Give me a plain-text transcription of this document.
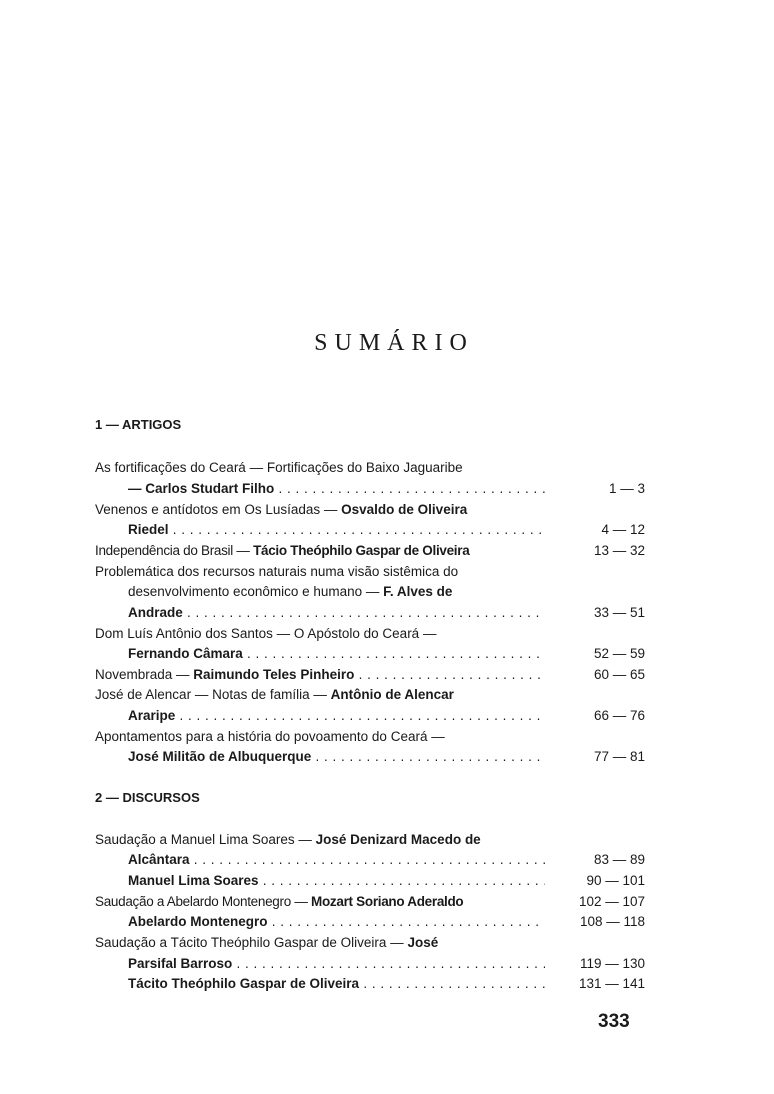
SUMÁRIO
1 — ARTIGOS
As fortificações do Ceará — Fortificações do Baixo Jaguaribe
— Carlos Studart Filho . . .	1 — 3
Venenos e antídotos em Os Lusíadas — Osvaldo de Oliveira
Riedel . . .	4 — 12
Independência do Brasil — Tácio Theóphilo Gaspar de Oliveira	13 — 32
Problemática dos recursos naturais numa visão sistêmica do
desenvolvimento econômico e humano — F. Alves de
Andrade . . .	33 — 51
Dom Luís Antônio dos Santos — O Apóstolo do Ceará —
Fernando Câmara . . .	52 — 59
Novembrada — Raimundo Teles Pinheiro . . .	60 — 65
José de Alencar — Notas de família — Antônio de Alencar
Araripe . . .	66 — 76
Apontamentos para a história do povoamento do Ceará —
José Militão de Albuquerque . . .	77 — 81
2 — DISCURSOS
Saudação a Manuel Lima Soares — José Denizard Macedo de
Alcântara . . .	83 — 89
Manuel Lima Soares . . .	90 — 101
Saudação a Abelardo Montenegro — Mozart Soriano Aderaldo	102 — 107
Abelardo Montenegro . . .	108 — 118
Saudação a Tácito Theóphilo Gaspar de Oliveira — José
Parsifal Barroso . . .	119 — 130
Tácito Theóphilo Gaspar de Oliveira . . .	131 — 141
333
